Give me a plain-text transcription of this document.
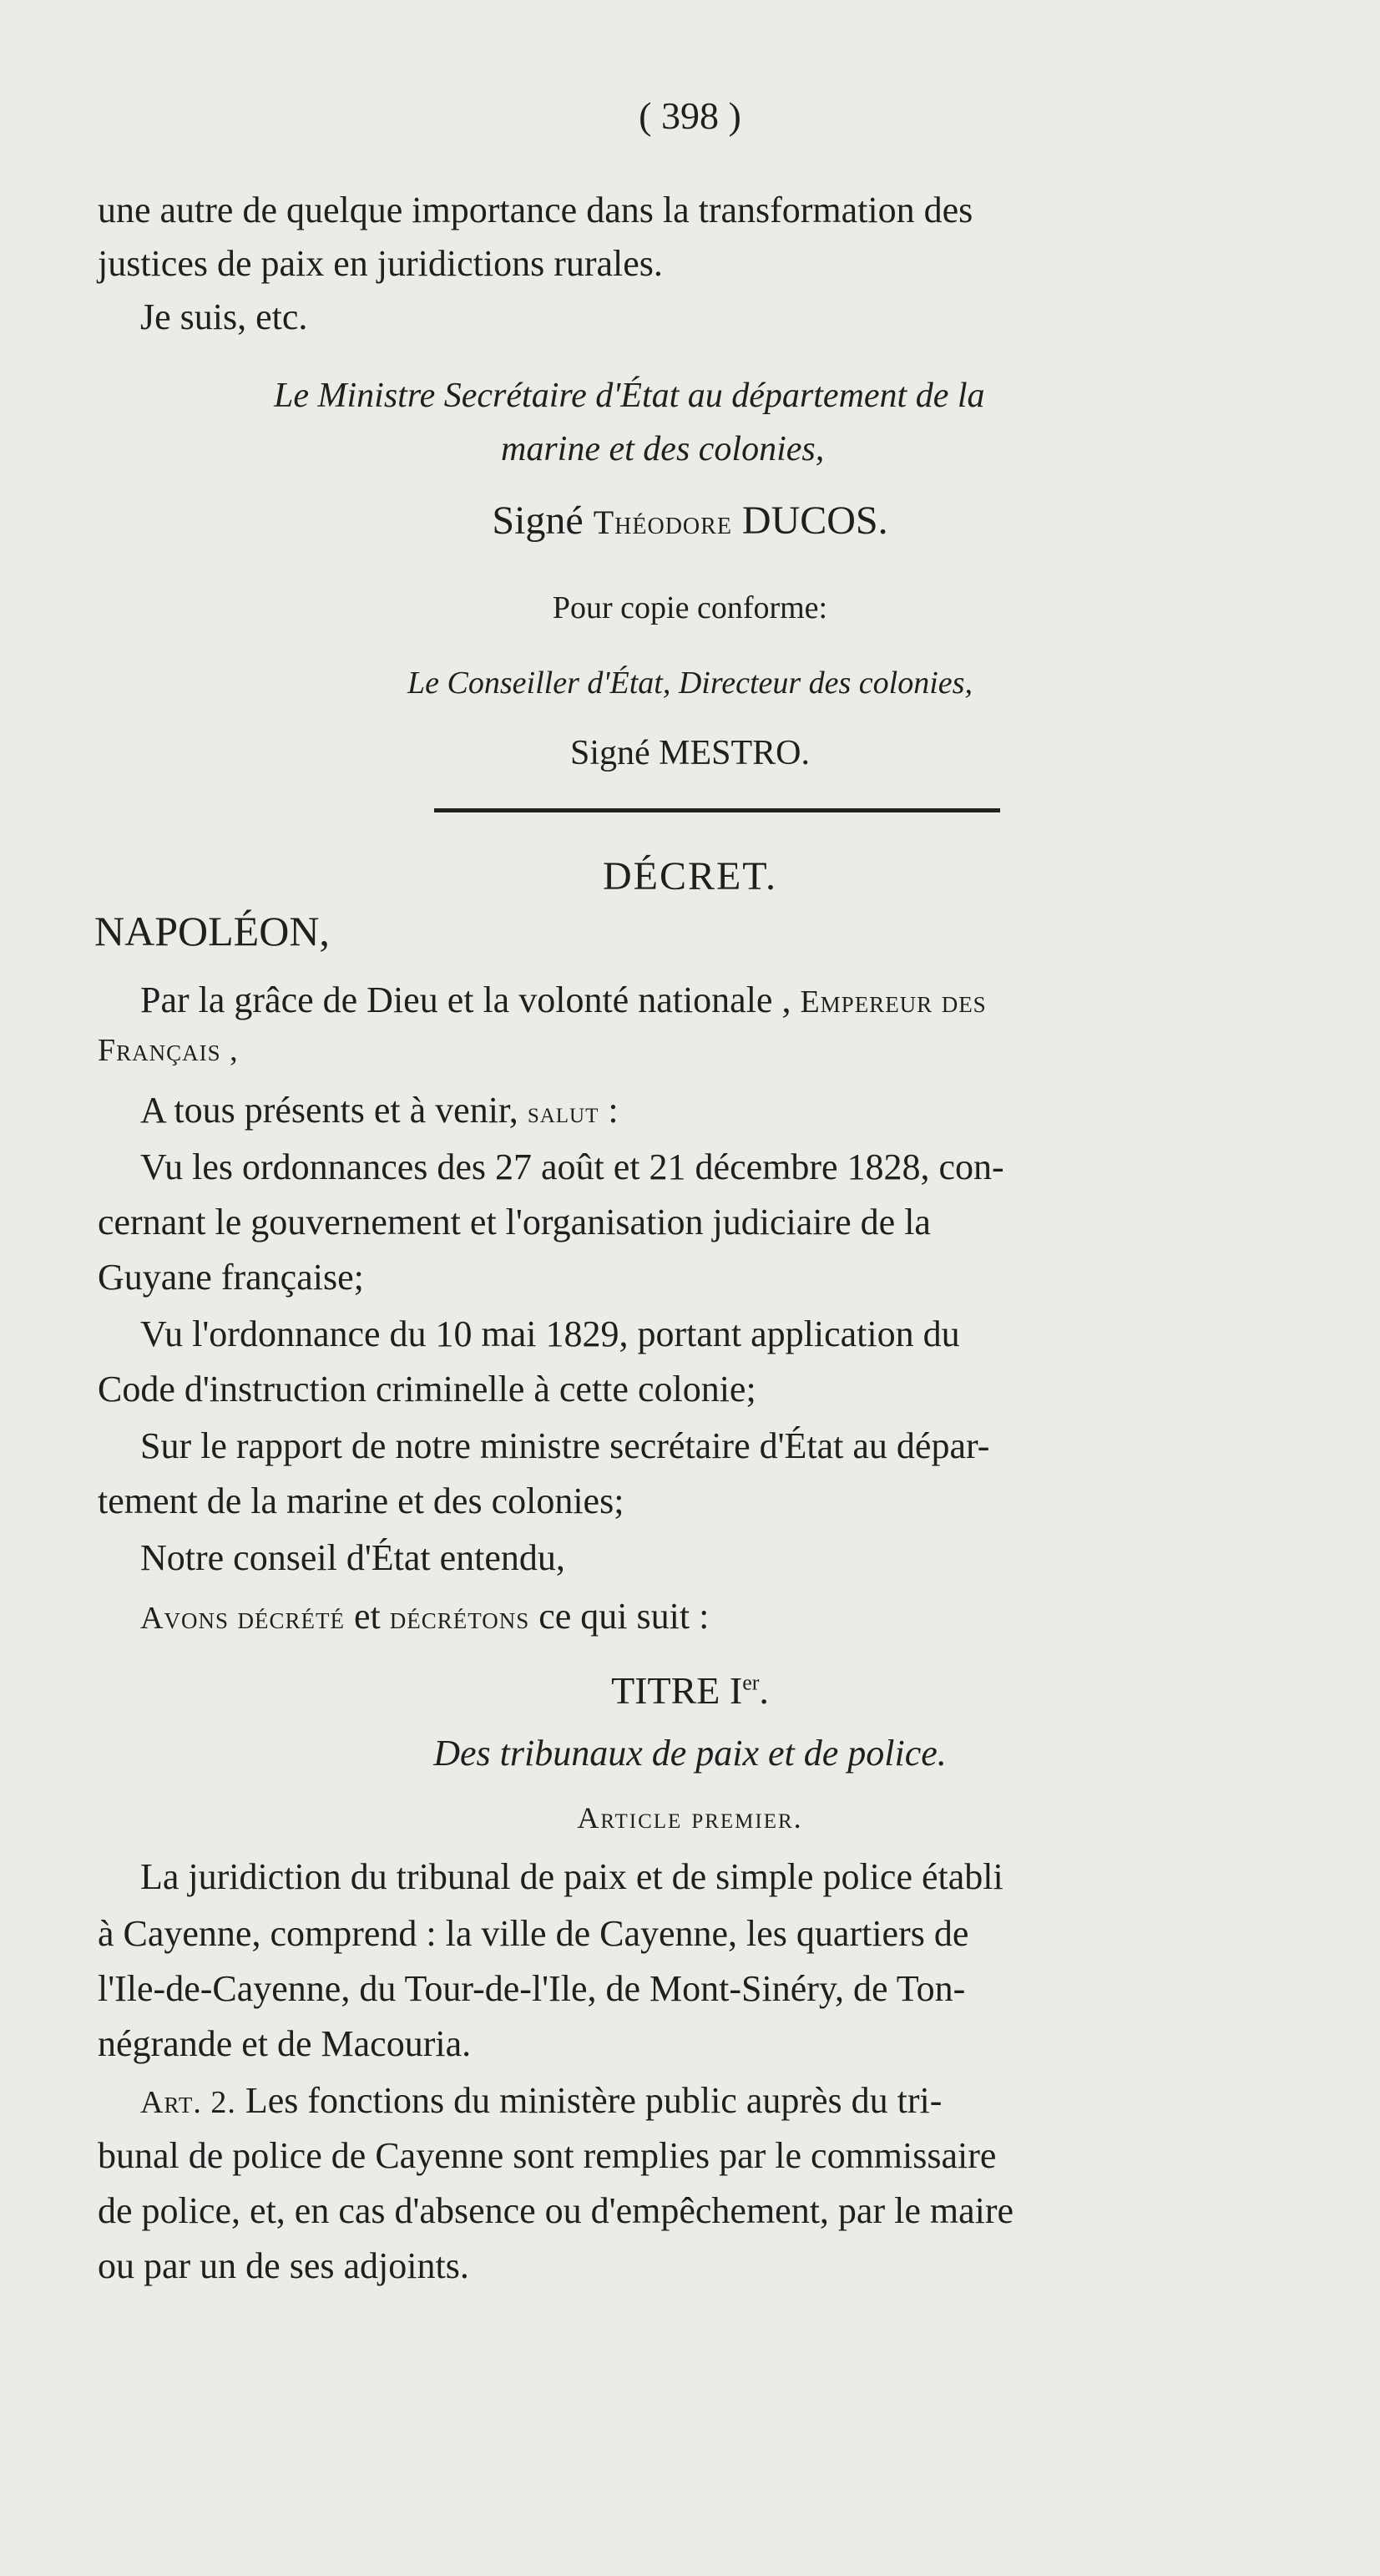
( 398 )

une autre de quelque importance dans la transformation des

justices de paix en juridictions rurales.

Je suis, etc.

Le Ministre Secrétaire d'État au département de la

marine et des colonies,

Signé Théodore DUCOS.

Pour copie conforme:

Le Conseiller d'État, Directeur des colonies,

Signé MESTRO.

DÉCRET.

NAPOLÉON,

Par la grâce de Dieu et la volonté nationale , Empereur des

Français ,

A tous présents et à venir, salut :

Vu les ordonnances des 27 août et 21 décembre 1828, con-

cernant le gouvernement et l'organisation judiciaire de la

Guyane française;

Vu l'ordonnance du 10 mai 1829, portant application du

Code d'instruction criminelle à cette colonie;

Sur le rapport de notre ministre secrétaire d'État au dépar-

tement de la marine et des colonies;

Notre conseil d'État entendu,

Avons décrété et décrétons ce qui suit :

TITRE Ier.

Des tribunaux de paix et de police.

Article premier.

La juridiction du tribunal de paix et de simple police établi

à Cayenne, comprend : la ville de Cayenne, les quartiers de

l'Ile-de-Cayenne, du Tour-de-l'Ile, de Mont-Sinéry, de Ton-

négrande et de Macouria.

Art. 2. Les fonctions du ministère public auprès du tri-

bunal de police de Cayenne sont remplies par le commissaire

de police, et, en cas d'absence ou d'empêchement, par le maire

ou par un de ses adjoints.
